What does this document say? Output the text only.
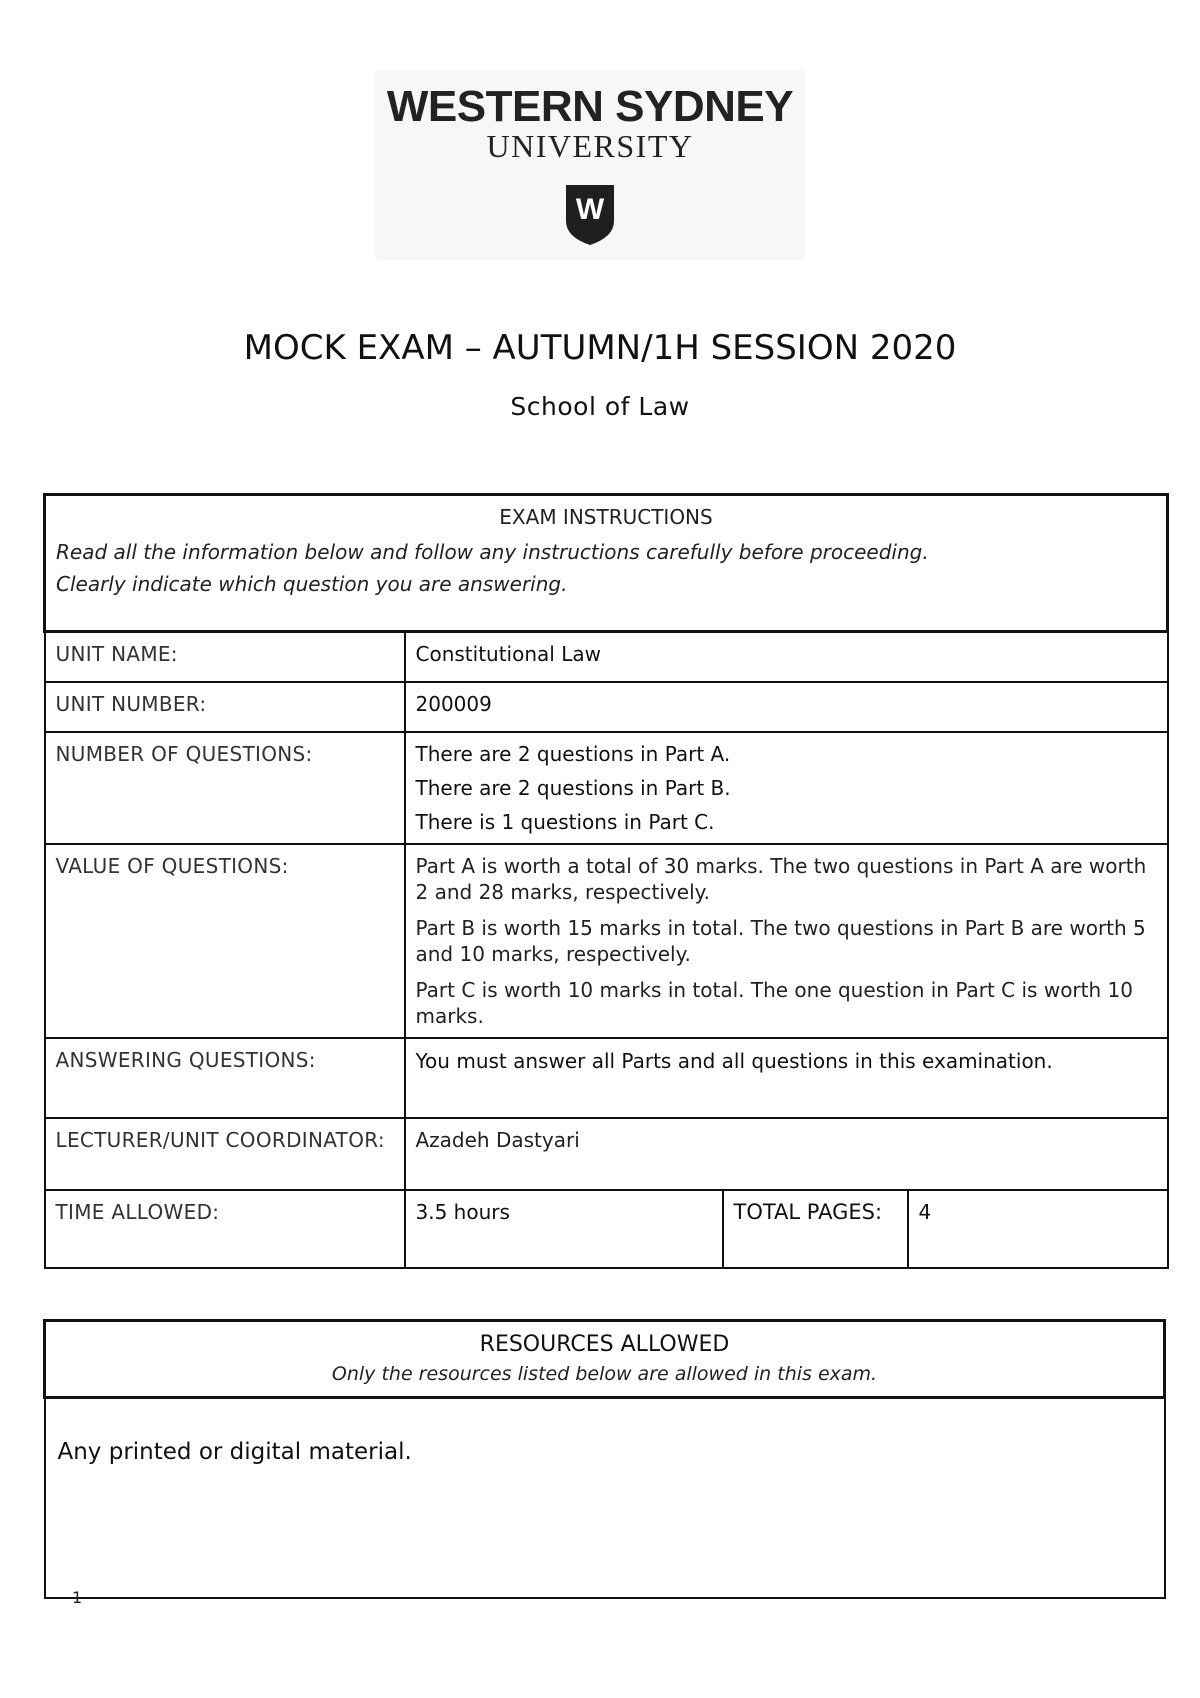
WESTERN SYDNEY
UNIVERSITY
W
MOCK EXAM – AUTUMN/1H SESSION 2020
School of Law
EXAM INSTRUCTIONS
Read all the information below and follow any instructions carefully before proceeding.
Clearly indicate which question you are answering.			

UNIT NAME:	Constitutional Law		
UNIT NUMBER:	200009		
NUMBER OF QUESTIONS:	There are 2 questions in Part A.

There are 2 questions in Part B.

There is 1 questions in Part C.		

VALUE OF QUESTIONS:	Part A is worth a total of 30 marks. The two questions in Part A are worth 2 and 28 marks, respectively.

Part B is worth 15 marks in total. The two questions in Part B are worth 5 and 10 marks, respectively.

Part C is worth 10 marks in total. The one question in Part C is worth 10 marks.		

ANSWERING QUESTIONS:	You must answer all Parts and all questions in this examination.		
LECTURER/UNIT COORDINATOR:	Azadeh Dastyari		
TIME ALLOWED:	3.5 hours	TOTAL PAGES:	4
RESOURCES ALLOWED
Only the resources listed below are allowed in this exam.

Any printed or digital material.
1
